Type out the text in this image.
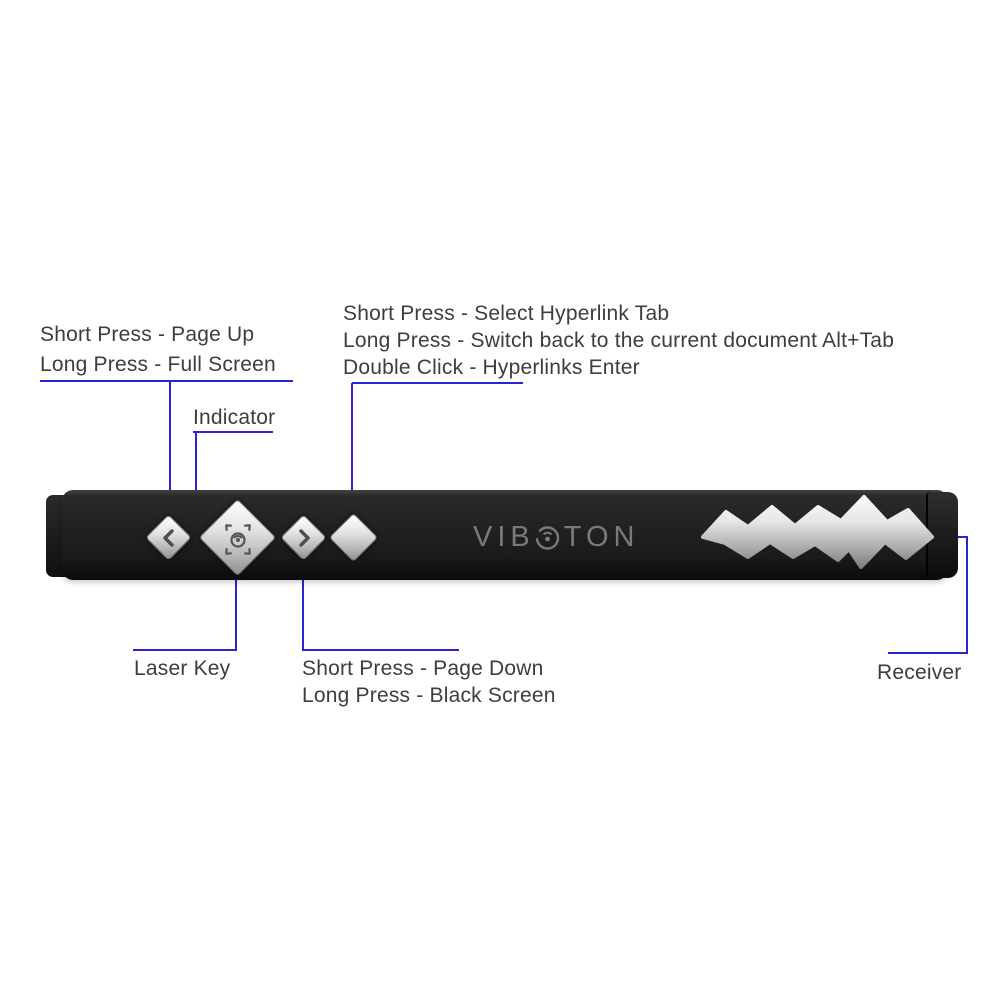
Short Press - Page Up
Long Press - Full Screen
Short Press - Select Hyperlink Tab
Long Press - Switch back to the current document Alt+Tab
Double Click - Hyperlinks Enter
Indicator
Laser Key	Short Press - Page Down
Long Press - Black Screen
Receiver
VIB TON
